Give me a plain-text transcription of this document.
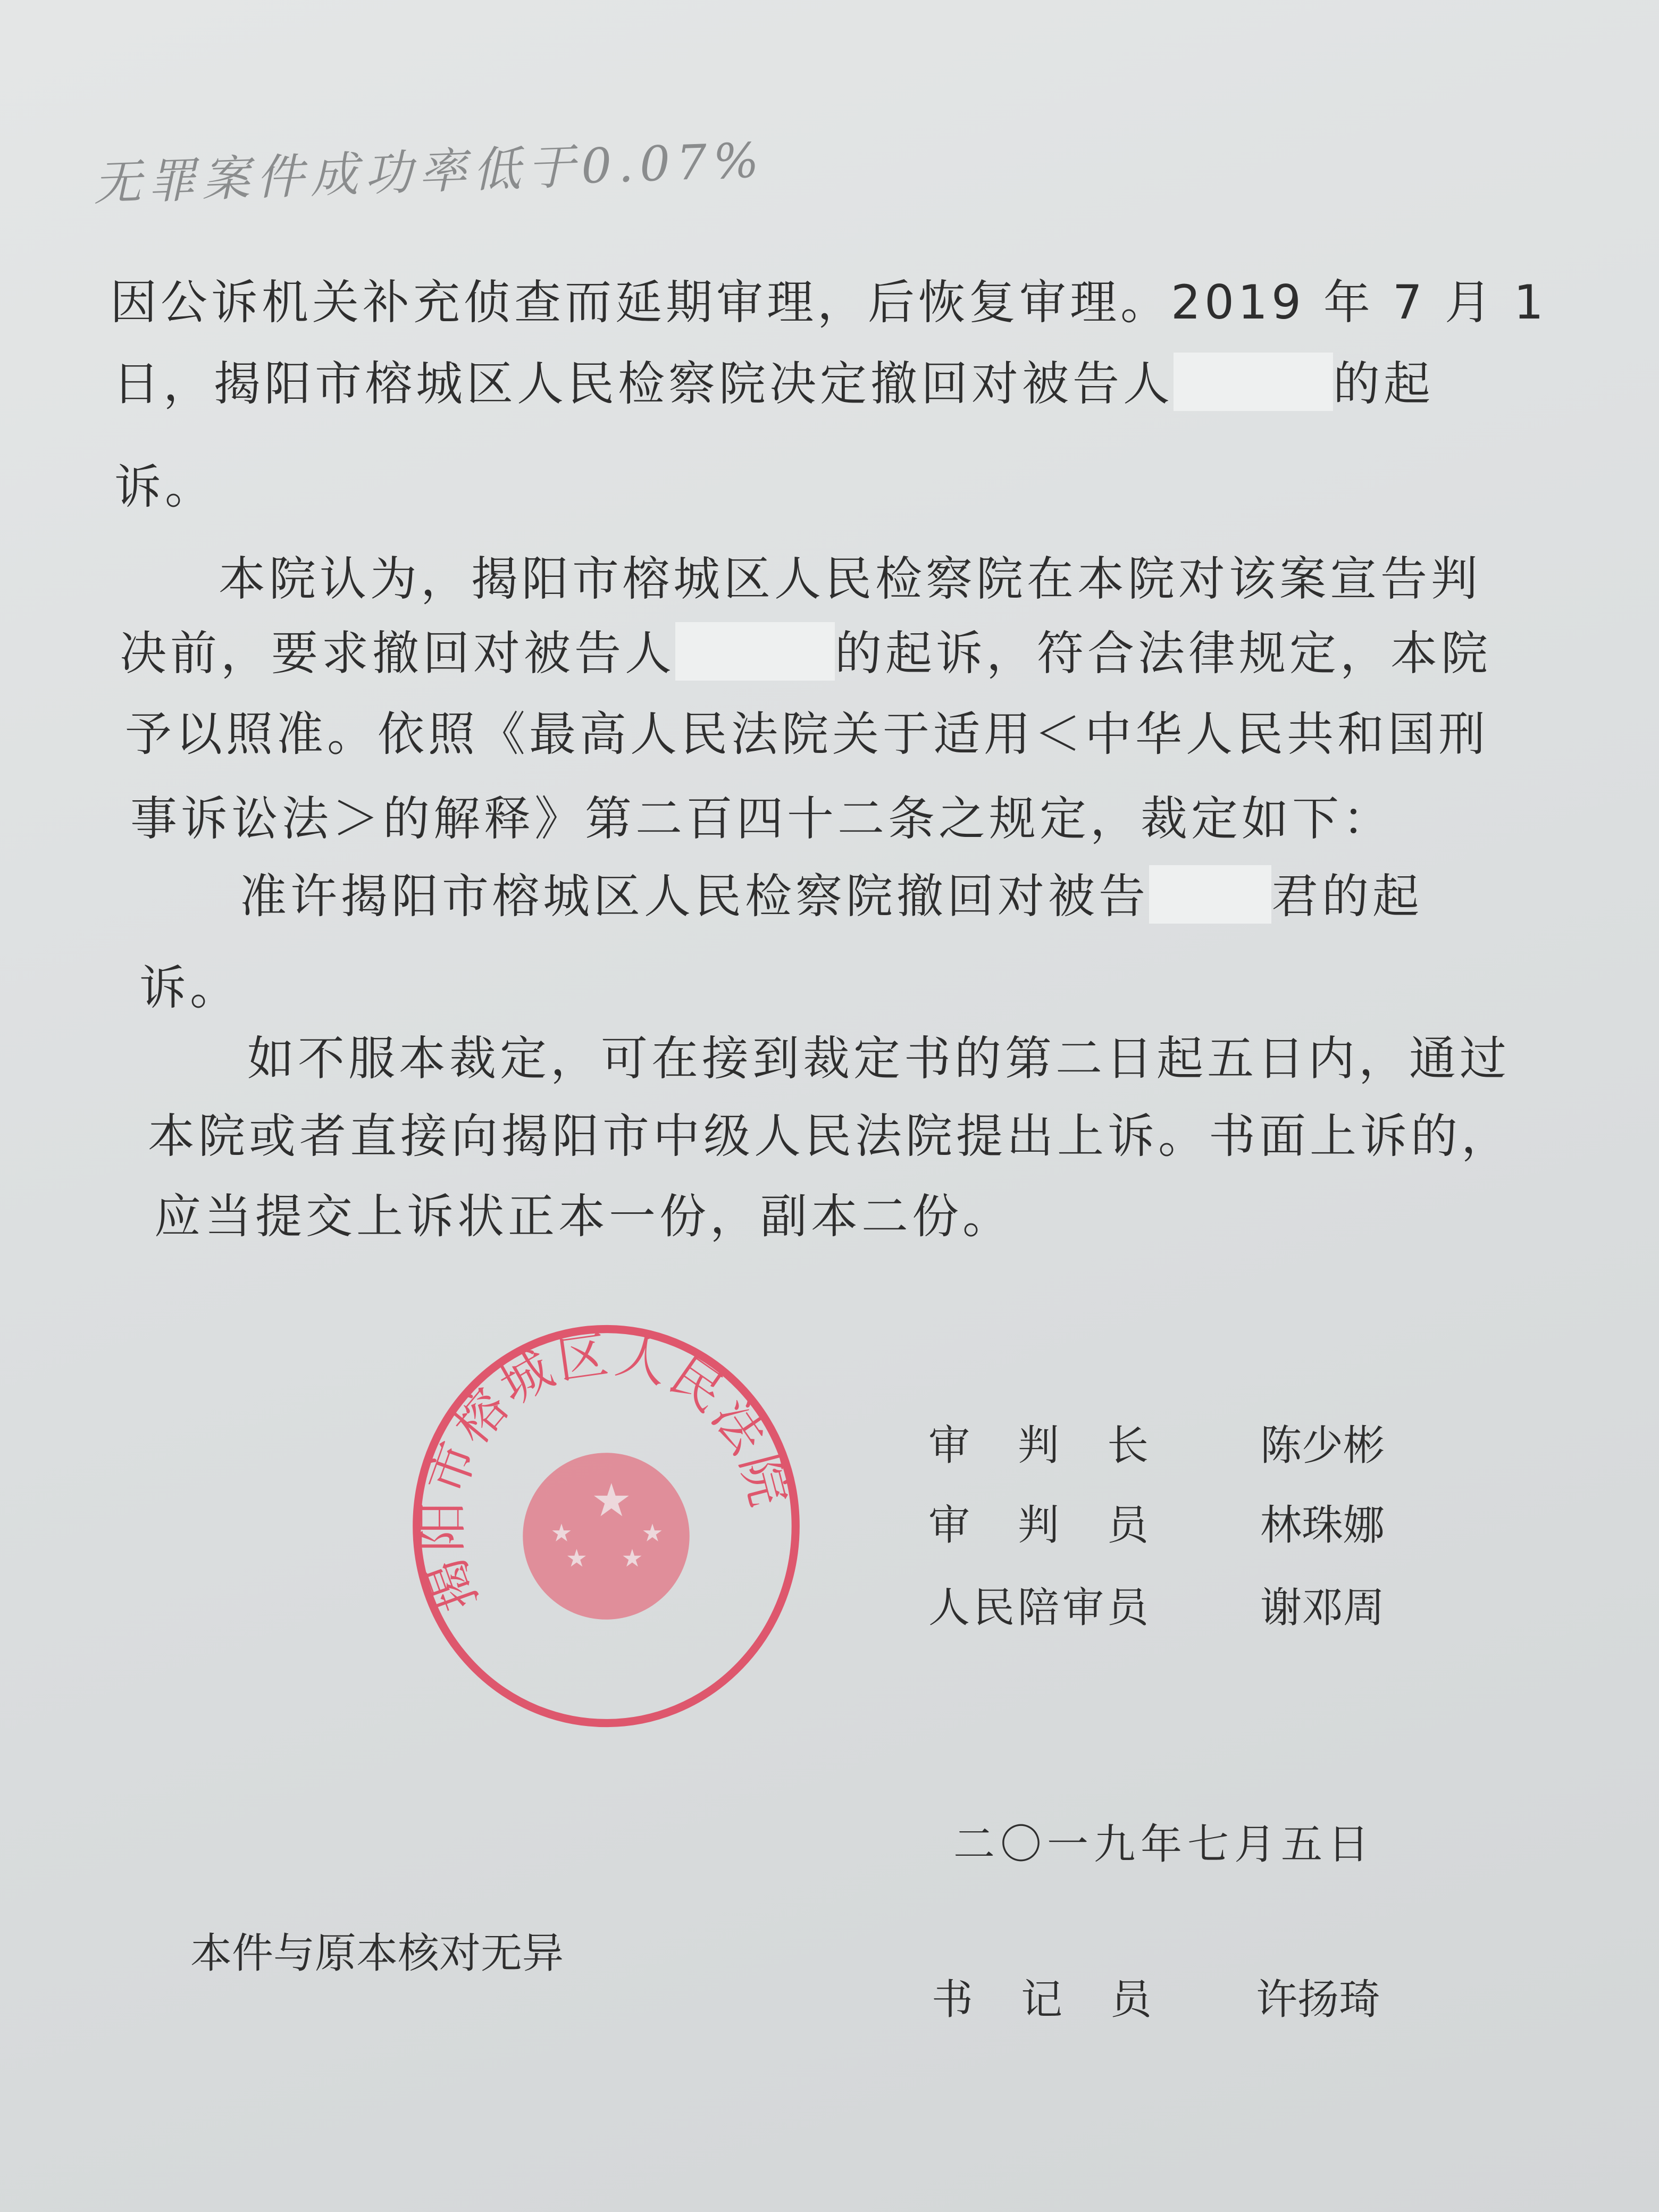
无罪案件成功率低于0.07%
因公诉机关补充侦查而延期审理，后恢复审理。2019 年 7 月 1
日，揭阳市榕城区人民检察院决定撤回对被告人	的起
诉。
本院认为，揭阳市榕城区人民检察院在本院对该案宣告判
决前，要求撤回对被告人	的起诉，符合法律规定，本院
予以照准。依照《最高人民法院关于适用＜中华人民共和国刑
事诉讼法＞的解释》第二百四十二条之规定，裁定如下：
准许揭阳市榕城区人民检察院撤回对被告	君的起
诉。
如不服本裁定，可在接到裁定书的第二日起五日内，通过
本院或者直接向揭阳市中级人民法院提出上诉。书面上诉的，
应当提交上诉状正本一份，副本二份。
★
★
★ ★
★
揭阳市榕城区人民法院
审　判　长	陈少彬
审　判　员	林珠娜
人民陪审员	谢邓周
二〇一九年七月五日
本件与原本核对无异
书　记　员 许扬琦
